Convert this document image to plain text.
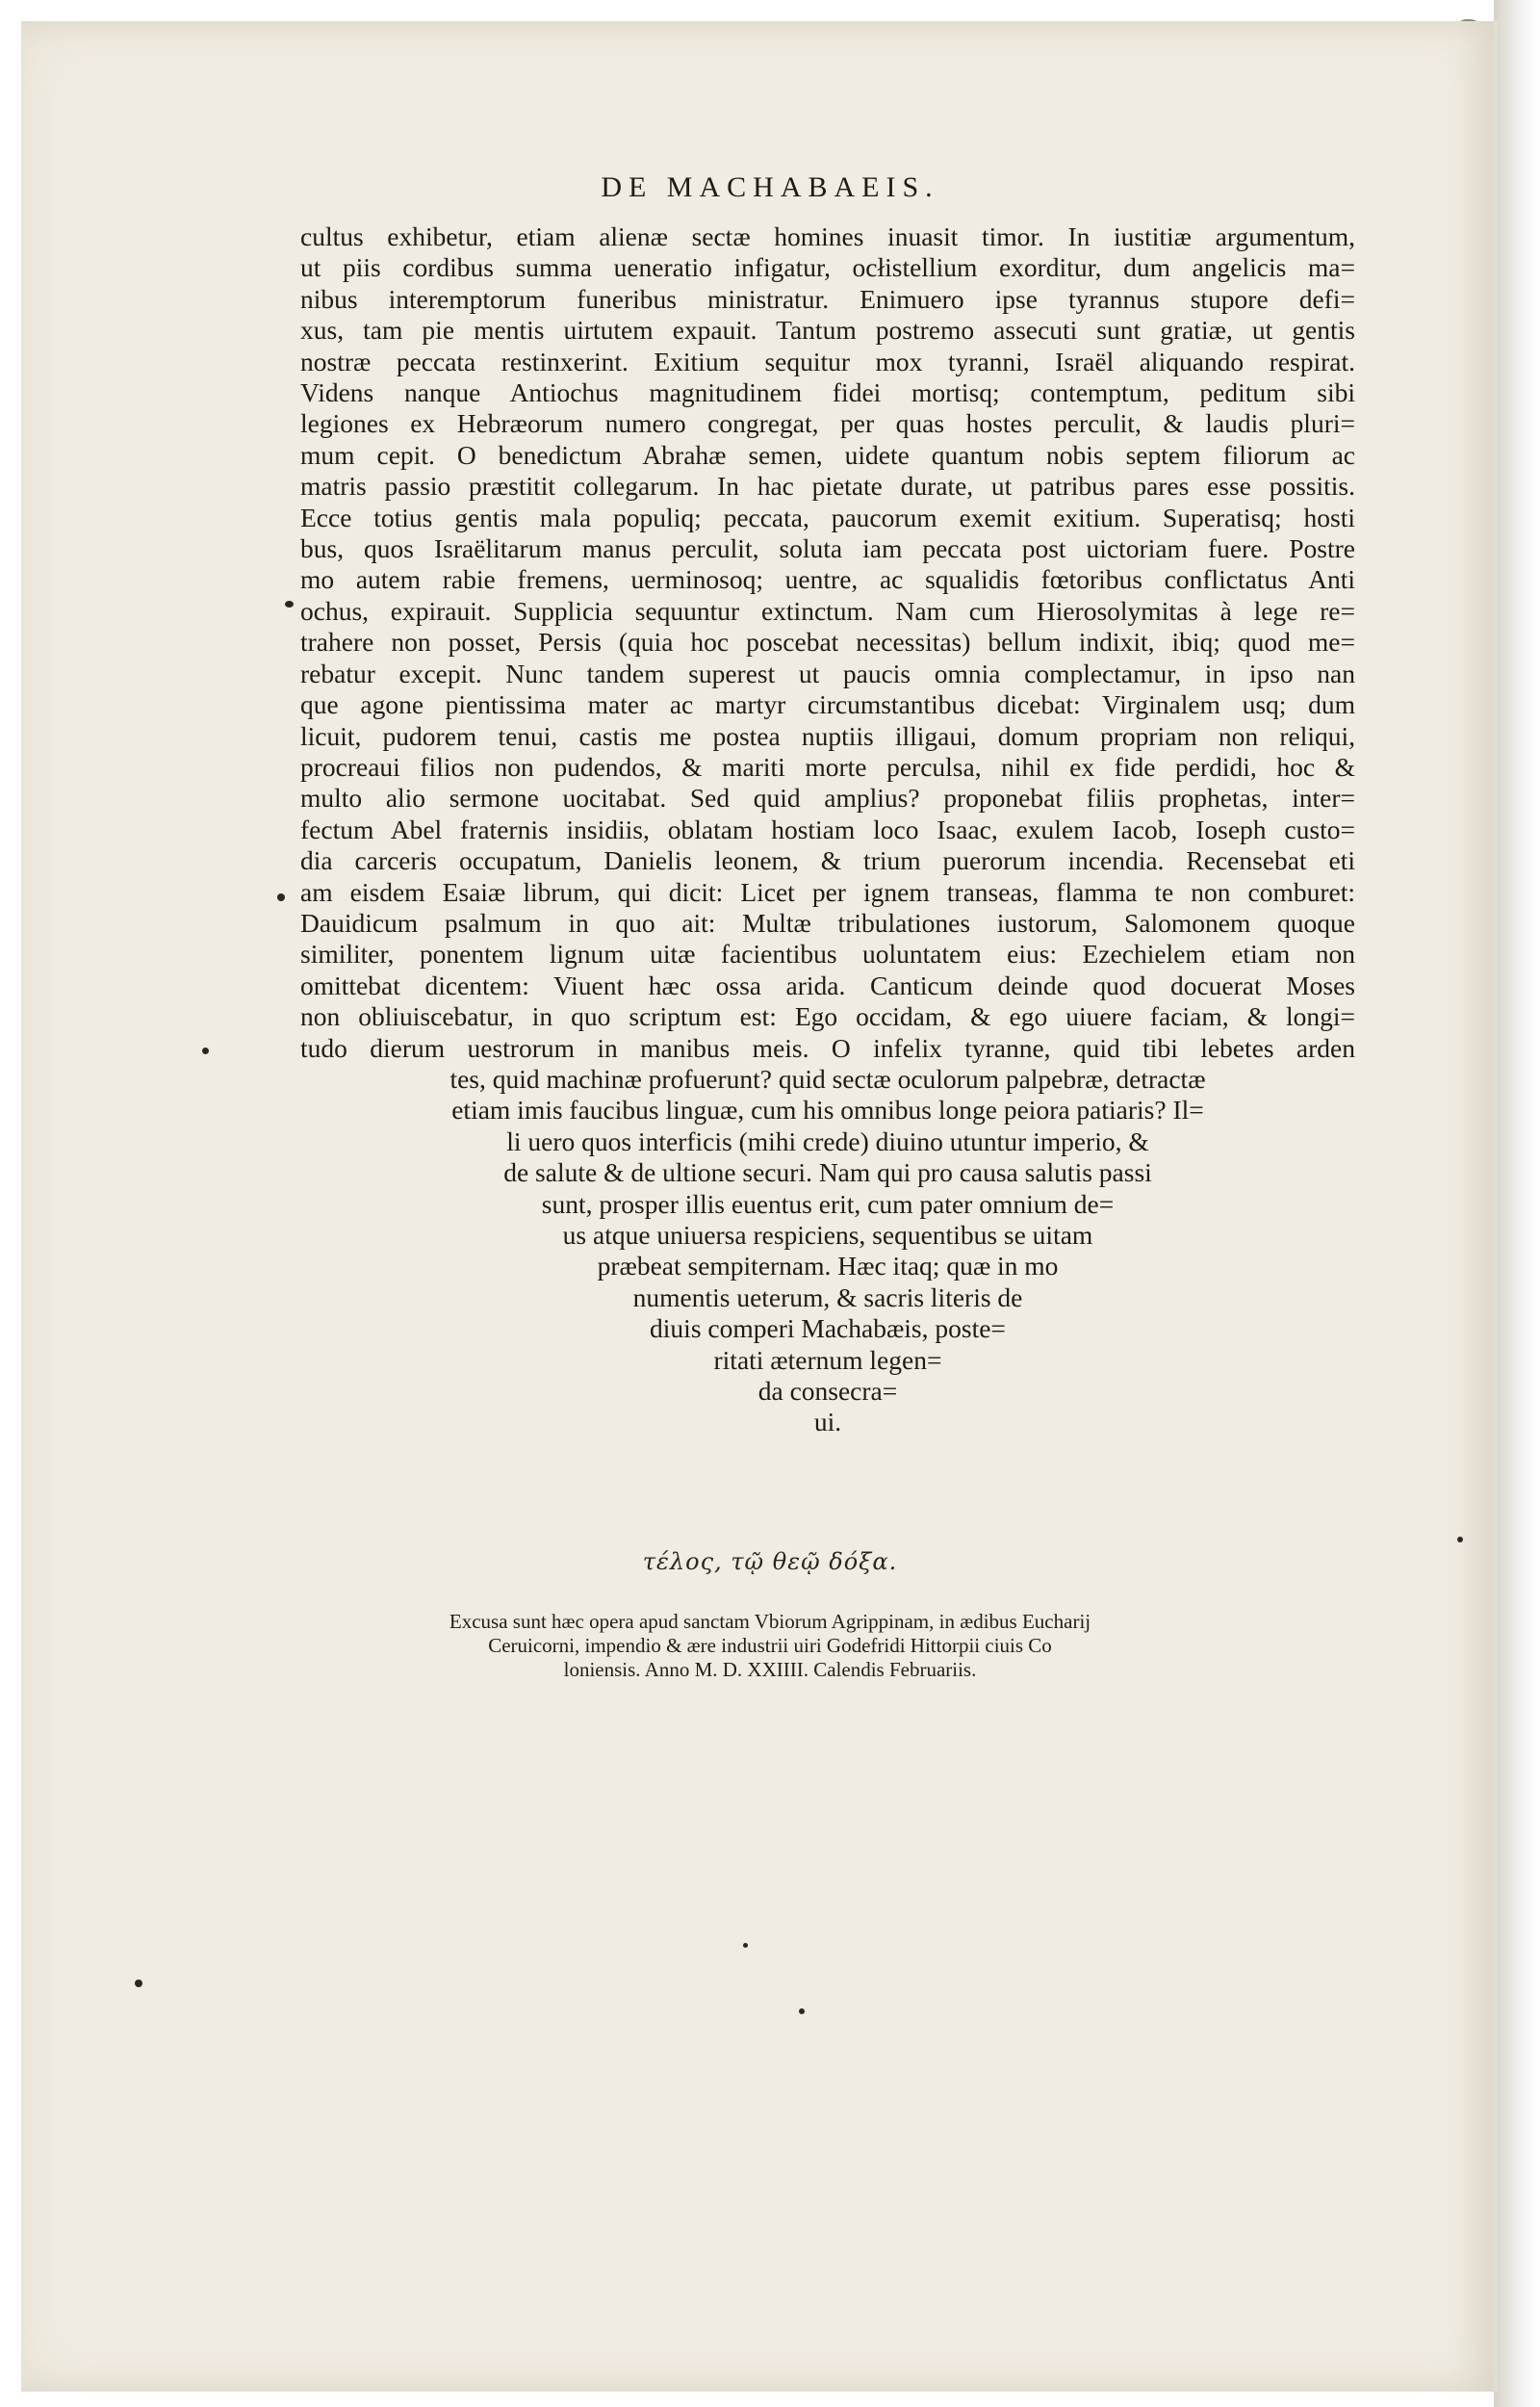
DE MACHABAEIS.
cultus exhibetur, etiam alienæ sectæ homines inuasit timor. In iustitiæ argumentum,
ut piis cordibus summa ueneratio infigatur, ocłistellium exorditur, dum angelicis ma=
nibus interemptorum funeribus ministratur. Enimuero ipse tyrannus stupore defi=
xus, tam pie mentis uirtutem expauit. Tantum postremo assecuti sunt gratiæ, ut gentis
nostræ peccata restinxerint. Exitium sequitur mox tyranni, Israël aliquando respirat.
Videns nanque Antiochus magnitudinem fidei mortisq; contemptum, peditum sibi
legiones ex Hebræorum numero congregat, per quas hostes perculit, & laudis pluri=
mum cepit. O benedictum Abrahæ semen, uidete quantum nobis septem filiorum ac
matris passio præstitit collegarum. In hac pietate durate, ut patribus pares esse possitis.
Ecce totius gentis mala populiq; peccata, paucorum exemit exitium. Superatisq; hosti
bus, quos Israëlitarum manus perculit, soluta iam peccata post uictoriam fuere. Postre
mo autem rabie fremens, uerminosoq; uentre, ac squalidis fœtoribus conflictatus Anti
ochus, expirauit. Supplicia sequuntur extinctum. Nam cum Hierosolymitas à lege re=
trahere non posset, Persis (quia hoc poscebat necessitas) bellum indixit, ibiq; quod me=
rebatur excepit. Nunc tandem superest ut paucis omnia complectamur, in ipso nan
que agone pientissima mater ac martyr circumstantibus dicebat: Virginalem usq; dum
licuit, pudorem tenui, castis me postea nuptiis illigaui, domum propriam non reliqui,
procreaui filios non pudendos, & mariti morte perculsa, nihil ex fide perdidi, hoc &
multo alio sermone uocitabat. Sed quid amplius? proponebat filiis prophetas, inter=
fectum Abel fraternis insidiis, oblatam hostiam loco Isaac, exulem Iacob, Ioseph custo=
dia carceris occupatum, Danielis leonem, & trium puerorum incendia. Recensebat eti
am eisdem Esaiæ librum, qui dicit: Licet per ignem transeas, flamma te non comburet:
Dauidicum psalmum in quo ait: Multæ tribulationes iustorum, Salomonem quoque
similiter, ponentem lignum uitæ facientibus uoluntatem eius: Ezechielem etiam non
omittebat dicentem: Viuent hæc ossa arida. Canticum deinde quod docuerat Moses
non obliuiscebatur, in quo scriptum est: Ego occidam, & ego uiuere faciam, & longi=
tudo dierum uestrorum in manibus meis. O infelix tyranne, quid tibi lebetes arden
tes, quid machinæ profuerunt? quid sectæ oculorum palpebræ, detractæ
etiam imis faucibus linguæ, cum his omnibus longe peiora patiaris? Il=
li uero quos interficis (mihi crede) diuino utuntur imperio, &
de salute & de ultione securi. Nam qui pro causa salutis passi
sunt, prosper illis euentus erit, cum pater omnium de=
us atque uniuersa respiciens, sequentibus se uitam
præbeat sempiternam. Hæc itaq; quæ in mo
numentis ueterum, & sacris literis de
diuis comperi Machabæis, poste=
ritati æternum legen=
da consecra=
ui.
τέλος, τῷ θεῷ δόξα.
Excusa sunt hæc opera apud sanctam Vbiorum Agrippinam, in ædibus Eucharij
Ceruicorni, impendio & ære industrii uiri Godefridi Hittorpii ciuis Co
loniensis. Anno M. D. XXIIII. Calendis Februariis.
